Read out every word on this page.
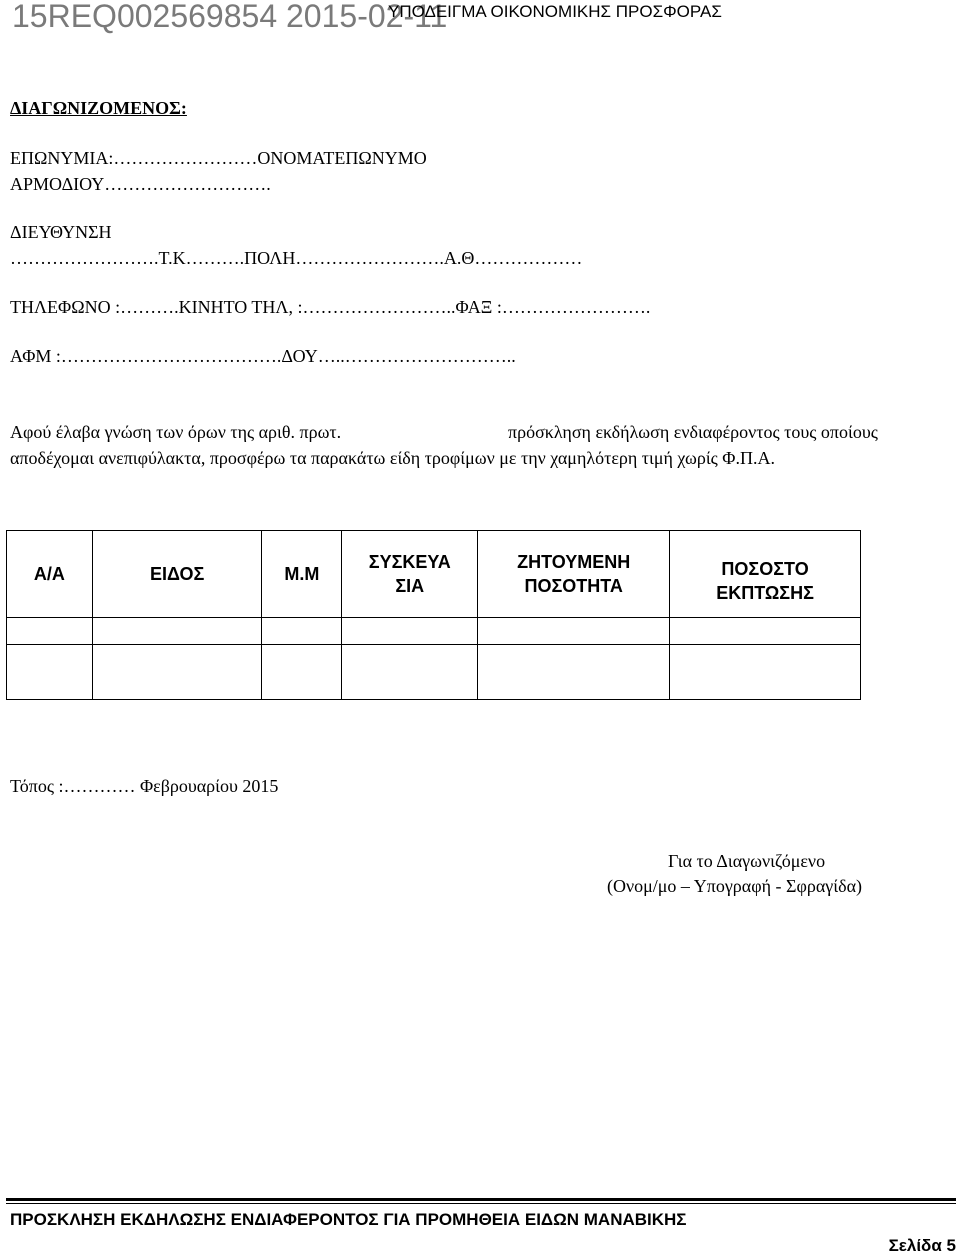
15REQ002569854 2015-02-11
ΥΠΟΔΕΙΓΜΑ ΟΙΚΟΝΟΜΙΚΗΣ ΠΡΟΣΦΟΡΑΣ
ΔΙΑΓΩΝΙΖΟΜΕΝΟΣ:
ΕΠΩΝΥΜΙΑ:……………………ΟΝΟΜΑΤΕΠΩΝΥΜΟ
ΑΡΜΟΔΙΟΥ……………………….
ΔΙΕΥΘΥΝΣΗ
…………………….Τ.Κ……….ΠΟΛΗ…………………….Α.Θ………………
ΤΗΛΕΦΩΝΟ :……….ΚΙΝΗΤΟ ΤΗΛ, :……………………..ΦΑΞ :…………………….
ΑΦΜ :……………………………….ΔΟΥ…..………………………..
Αφού έλαβα γνώση των όρων της αριθ. πρωτ.	πρόσκληση εκδήλωση ενδιαφέροντος τους οποίους
αποδέχομαι ανεπιφύλακτα, προσφέρω τα παρακάτω είδη τροφίμων με την χαμηλότερη τιμή χωρίς Φ.Π.Α.
Α/Α	ΕΙΔΟΣ	Μ.Μ	ΣΥΣΚΕΥΑ ΣΙΑ	ΖΗΤΟΥΜΕΝΗ ΠΟΣΟΤΗΤΑ	ΠΟΣΟΣΤΟ ΕΚΠΤΩΣΗΣ

Τόπος :………… Φεβρουαρίου 2015
Για το Διαγωνιζόμενο
(Ονομ/μο – Υπογραφή - Σφραγίδα)
ΠΡΟΣΚΛΗΣΗ ΕΚΔΗΛΩΣΗΣ ΕΝΔΙΑΦΕΡΟΝΤΟΣ ΓΙΑ ΠΡΟΜΗΘΕΙΑ ΕΙΔΩΝ ΜΑΝΑΒΙΚΗΣ
Σελίδα 5
